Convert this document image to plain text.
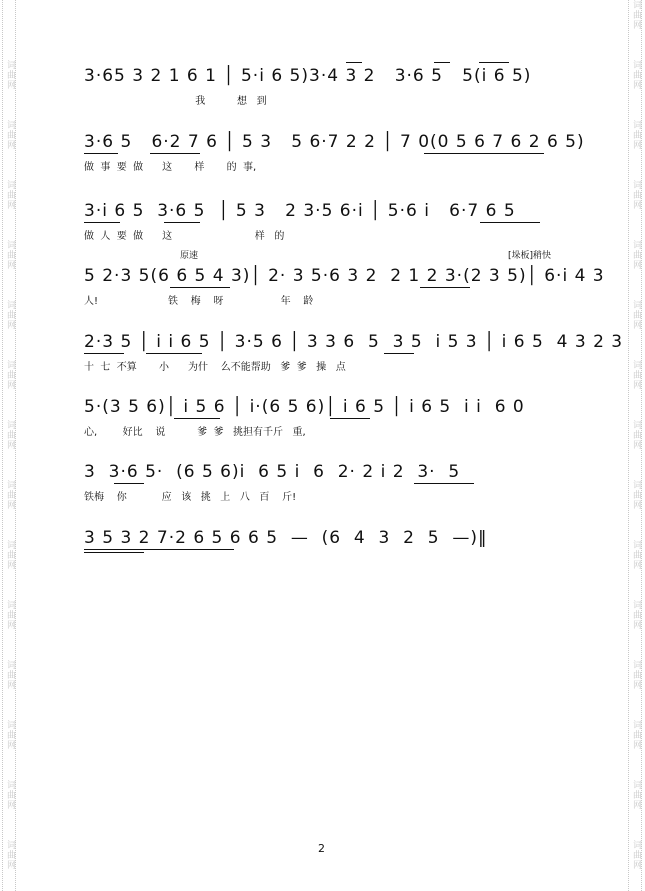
词曲网
词曲网
词曲网
词曲网
词曲网
词曲网
词曲网
词曲网
词曲网
词曲网
词曲网
词曲网
词曲网
词曲网
词曲网
词曲网
词曲网
词曲网
词曲网
词曲网
词曲网
词曲网
词曲网
词曲网
词曲网
词曲网
词曲网
词曲网
词曲网
3·65 3 2 1 6 1 │ 5·i 6 5)3·4 3 2   3·6 5   5(i 6 5)
我          想   到
3·6 5   6·2 7 6 │ 5 3   5 6·7 2 2 │ 7 0(0 5 6 7 6 2 6 5)
做  事  要  做      这       样       的  事,
3·i 6 5  3·6 5  │ 5 3   2 3·5 6·i │ 5·6 i   6·7 6 5
做  人  要  做      这                          样   的
原速	[垛板]稍快
5 2·3 5(6 6 5 4 3)│ 2· 3 5·6 3 2  2 1 2 3·(2 3 5)│ 6·i 4 3
人!                      铁    梅    呀                  年    龄
2·3 5 │ i i 6 5 │ 3·5 6 │ 3 3 6  5  3 5  i 5 3 │ i 6 5  4 3 2 3
十  七  不算       小      为什    么不能帮助   爹  爹   操   点
5·(3 5 6)│ i 5 6 │ i·(6 5 6)│ i 6 5 │ i 6 5  i i  6 0
心,        好比    说          爹  爹   挑担有千斤   重,
3  3·6 5·  (6 5 6)i  6 5 i  6  2· 2 i 2  3·  5
铁梅    你           应   该   挑   上   八   百    斤!
3 5 3 2 7·2 6 5 6 6 5  —  (6  4  3  2  5  —)‖
2
